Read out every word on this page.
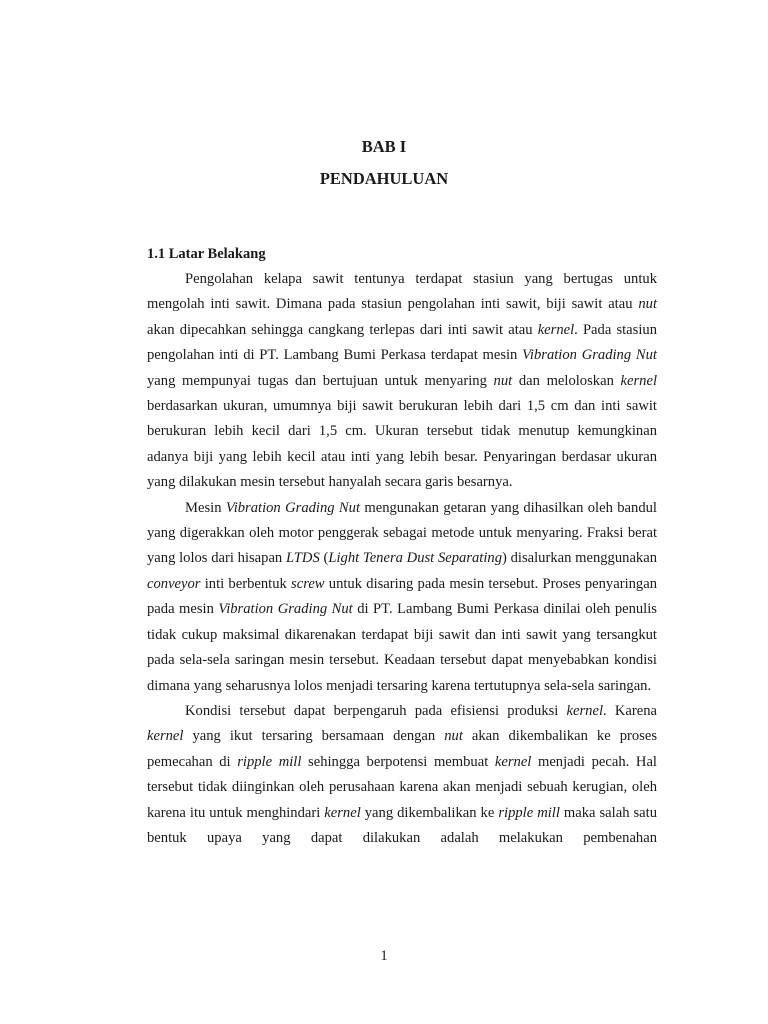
BAB I
PENDAHULUAN
1.1 Latar Belakang

Pengolahan kelapa sawit tentunya terdapat stasiun yang bertugas untuk mengolah inti sawit. Dimana pada stasiun pengolahan inti sawit, biji sawit atau nut akan dipecahkan sehingga cangkang terlepas dari inti sawit atau kernel. Pada stasiun pengolahan inti di PT. Lambang Bumi Perkasa terdapat mesin Vibration Grading Nut yang mempunyai tugas dan bertujuan untuk menyaring nut dan meloloskan kernel berdasarkan ukuran, umumnya biji sawit berukuran lebih dari 1,5 cm dan inti sawit berukuran lebih kecil dari 1,5 cm. Ukuran tersebut tidak menutup kemungkinan adanya biji yang lebih kecil atau inti yang lebih besar. Penyaringan berdasar ukuran yang dilakukan mesin tersebut hanyalah secara garis besarnya.

Mesin Vibration Grading Nut mengunakan getaran yang dihasilkan oleh bandul yang digerakkan oleh motor penggerak sebagai metode untuk menyaring. Fraksi berat yang lolos dari hisapan LTDS (Light Tenera Dust Separating) disalurkan menggunakan conveyor inti berbentuk screw untuk disaring pada mesin tersebut. Proses penyaringan pada mesin Vibration Grading Nut di PT. Lambang Bumi Perkasa dinilai oleh penulis tidak cukup maksimal dikarenakan terdapat biji sawit dan inti sawit yang tersangkut pada sela-sela saringan mesin tersebut. Keadaan tersebut dapat menyebabkan kondisi dimana yang seharusnya lolos menjadi tersaring karena tertutupnya sela-sela saringan.

Kondisi tersebut dapat berpengaruh pada efisiensi produksi kernel. Karena kernel yang ikut tersaring bersamaan dengan nut akan dikembalikan ke proses pemecahan di ripple mill sehingga berpotensi membuat kernel menjadi pecah. Hal tersebut tidak diinginkan oleh perusahaan karena akan menjadi sebuah kerugian, oleh karena itu untuk menghindari kernel yang dikembalikan ke ripple mill maka salah satu bentuk upaya yang dapat dilakukan adalah melakukan pembenahan

1
